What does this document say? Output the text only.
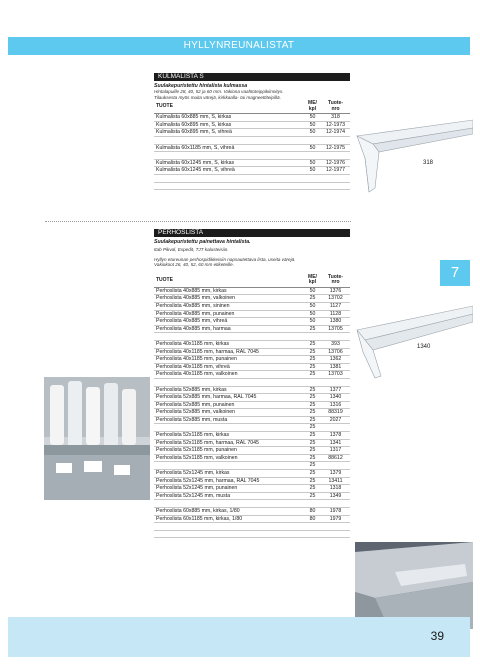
HYLLYNREUNALISTAT
KULMALISTA S
Suulakepuristettu hintalista kulmassa
Hintalapuille 28, 40, 52 ja 60 mm. Vakiona vaahtoteippikiinnitys.
Tilauksesta myös muita värejä, kirkkaalla- tai magneettiteipillä.
TUOTE	ME/
kpl	Tuote-
nro
Kulmalista 60x885 mm, S, kirkas	50	318
Kulmalista 60x895 mm, S, kirkas	50	12-1973
Kulmalista 60x895 mm, S, vihreä	50	12-1974

Kulmalista 60x1185 mm, S, vihreä	50	12-1975

Kulmalista 60x1245 mm, S, kirkas	50	12-1976
Kulmalista 60x1245 mm, S, vihreä	50	12-1977

318
7
PERHOSLISTA
Suulakepuristettu painettava hintalista.
Itab Pikval, Expedit, TJT kalusteisiin.
Hyllyn etureunan perhospidikkeisiin napsautettava lista, useita värejä.
Vakiokoot 26, 40, 52, 60 mm etiketeille.
TUOTE	ME/
kpl	Tuote-
nro
Perhoslista 40x885 mm, kirkas	50	1376
Perhoslista 40x885 mm, valkoinen	25	13702
Perhoslista 40x885 mm, sininen	50	1127
Perhoslista 40x885 mm, punainen	50	1128
Perhoslista 40x885 mm, vihreä	50	1380
Perhoslista 40x885 mm, harmaa	25	13705

Perhoslista 40x1185 mm, kirkas	25	393
Perhoslista 40x1185 mm, harmaa, RAL 7045	25	13706
Perhoslista 40x1185 mm, punainen	25	1362
Perhoslista 40x1185 mm, vihreä	25	1381
Perhoslista 40x1185 mm, valkoinen	25	13703

Perhoslista 52x885 mm, kirkas	25	1377
Perhoslista 52x885 mm, harmaa, RAL 7045	25	1340
Perhoslista 52x885 mm, punainen	25	1316
Perhoslista 52x885 mm, valkoinen	25	88319
Perhoslista 52x885 mm, musta	25	2027
	25	
Perhoslista 52x1185 mm, kirkas	25	1378
Perhoslista 52x1185 mm, harmaa, RAL 7045	25	1341
Perhoslista 52x1185 mm, punainen	25	1317
Perhoslista 52x1185 mm, valkoinen	25	88612
	25	
Perhoslista 52x1245 mm, kirkas	25	1379
Perhoslista 52x1245 mm, harmaa, RAL 7045	25	13411
Perhoslista 52x1245 mm, punainen	25	1318
Perhoslista 52x1245 mm, musta	25	1349

Perhoslista 60x885 mm, kirkas, 1/80	80	1978
Perhoslista 60x1185 mm, kirkas, 1/80	80	1979

1340
39
